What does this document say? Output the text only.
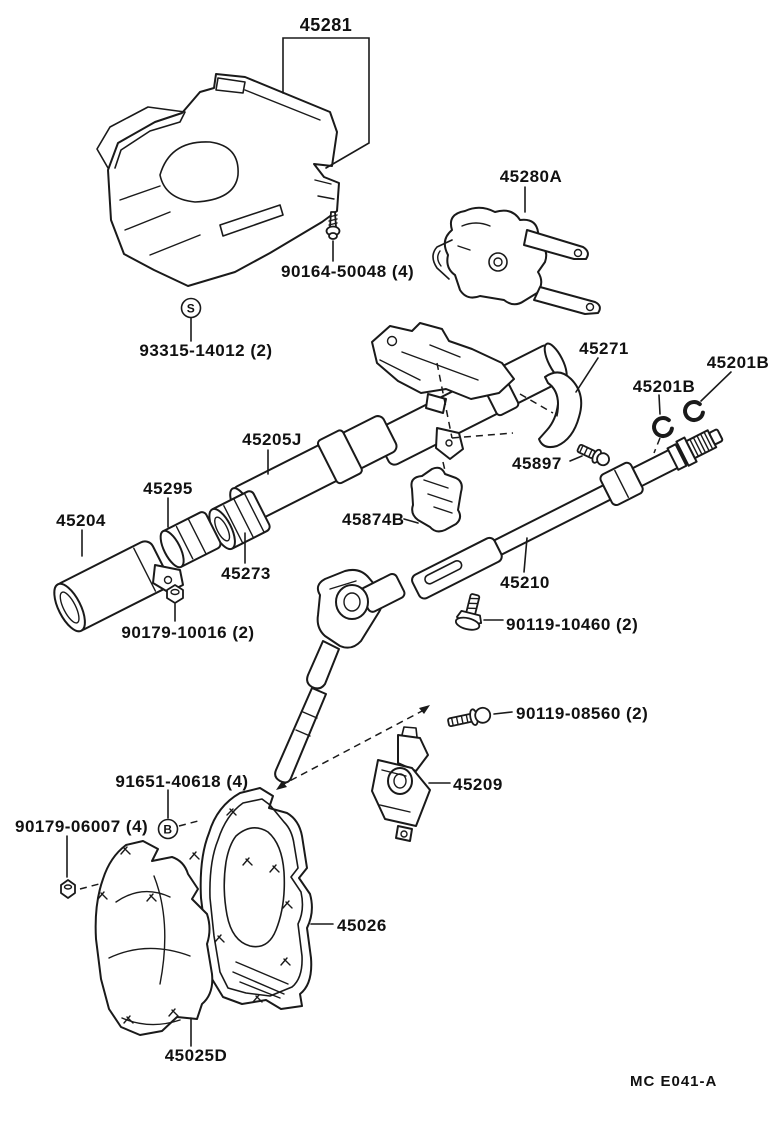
45281
90164-50048 (4)
S
93315-14012 (2)
45280A
45271
45201B
45201B
45205J
45273
45295
45204
90179-10016 (2)
45874B
45210
45897
90119-10460 (2)
90119-08560 (2)
45209
45026
45025D
B
91651-40618 (4)
90179-06007 (4)
MC E041-A
